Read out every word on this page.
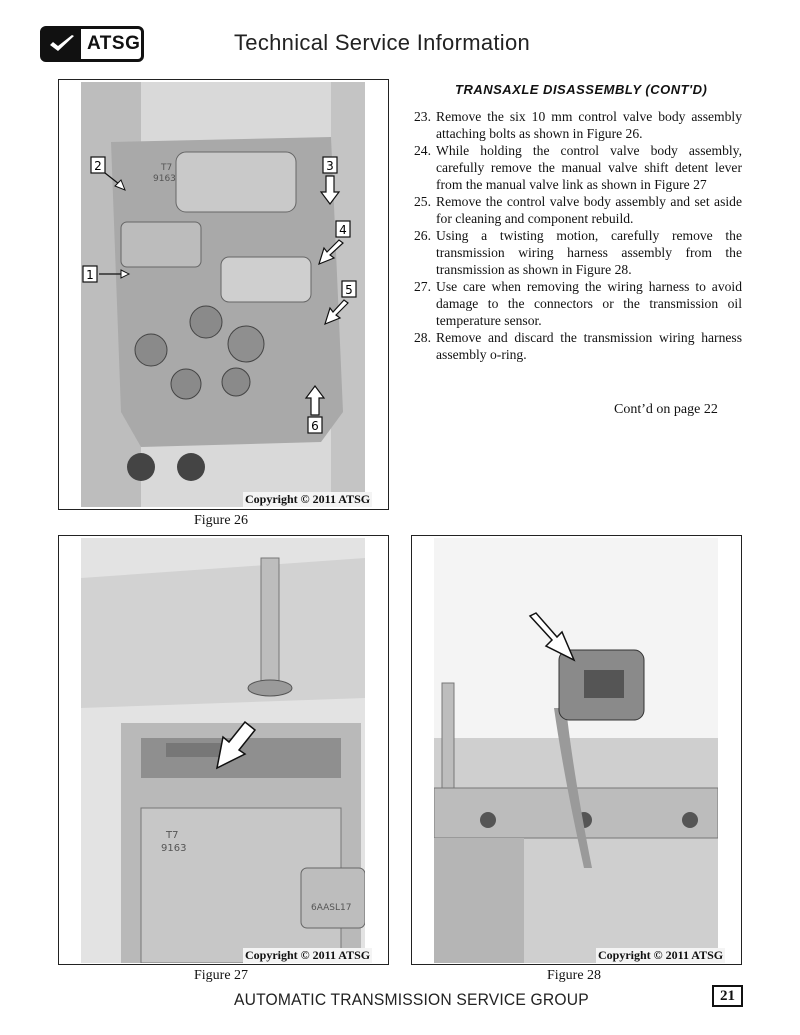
ATSG	Technical Service Information
T7
9163
1
2	3
4
5
6
Copyright © 2011 ATSG
Figure 26
TRANSAXLE DISASSEMBLY (CONT'D)
23. Remove the six 10 mm control valve body assembly attaching bolts as shown in Figure 26.
24. While holding the control valve body assembly, carefully remove the manual valve shift detent lever from the manual valve link as shown in Figure 27
25. Remove the control valve body assembly and set aside for cleaning and component rebuild.
26. Using a twisting motion, carefully remove the transmission wiring harness assembly from the transmission as shown in Figure 28.
27. Use care when removing the wiring harness to avoid damage to the connectors or the transmission oil temperature sensor.
28. Remove and discard the transmission wiring harness assembly o-ring.
Cont’d on page 22
T7
9163
6AASL17
Copyright © 2011 ATSG
Figure 27
Copyright © 2011 ATSG
Figure 28
AUTOMATIC TRANSMISSION SERVICE GROUP	21
